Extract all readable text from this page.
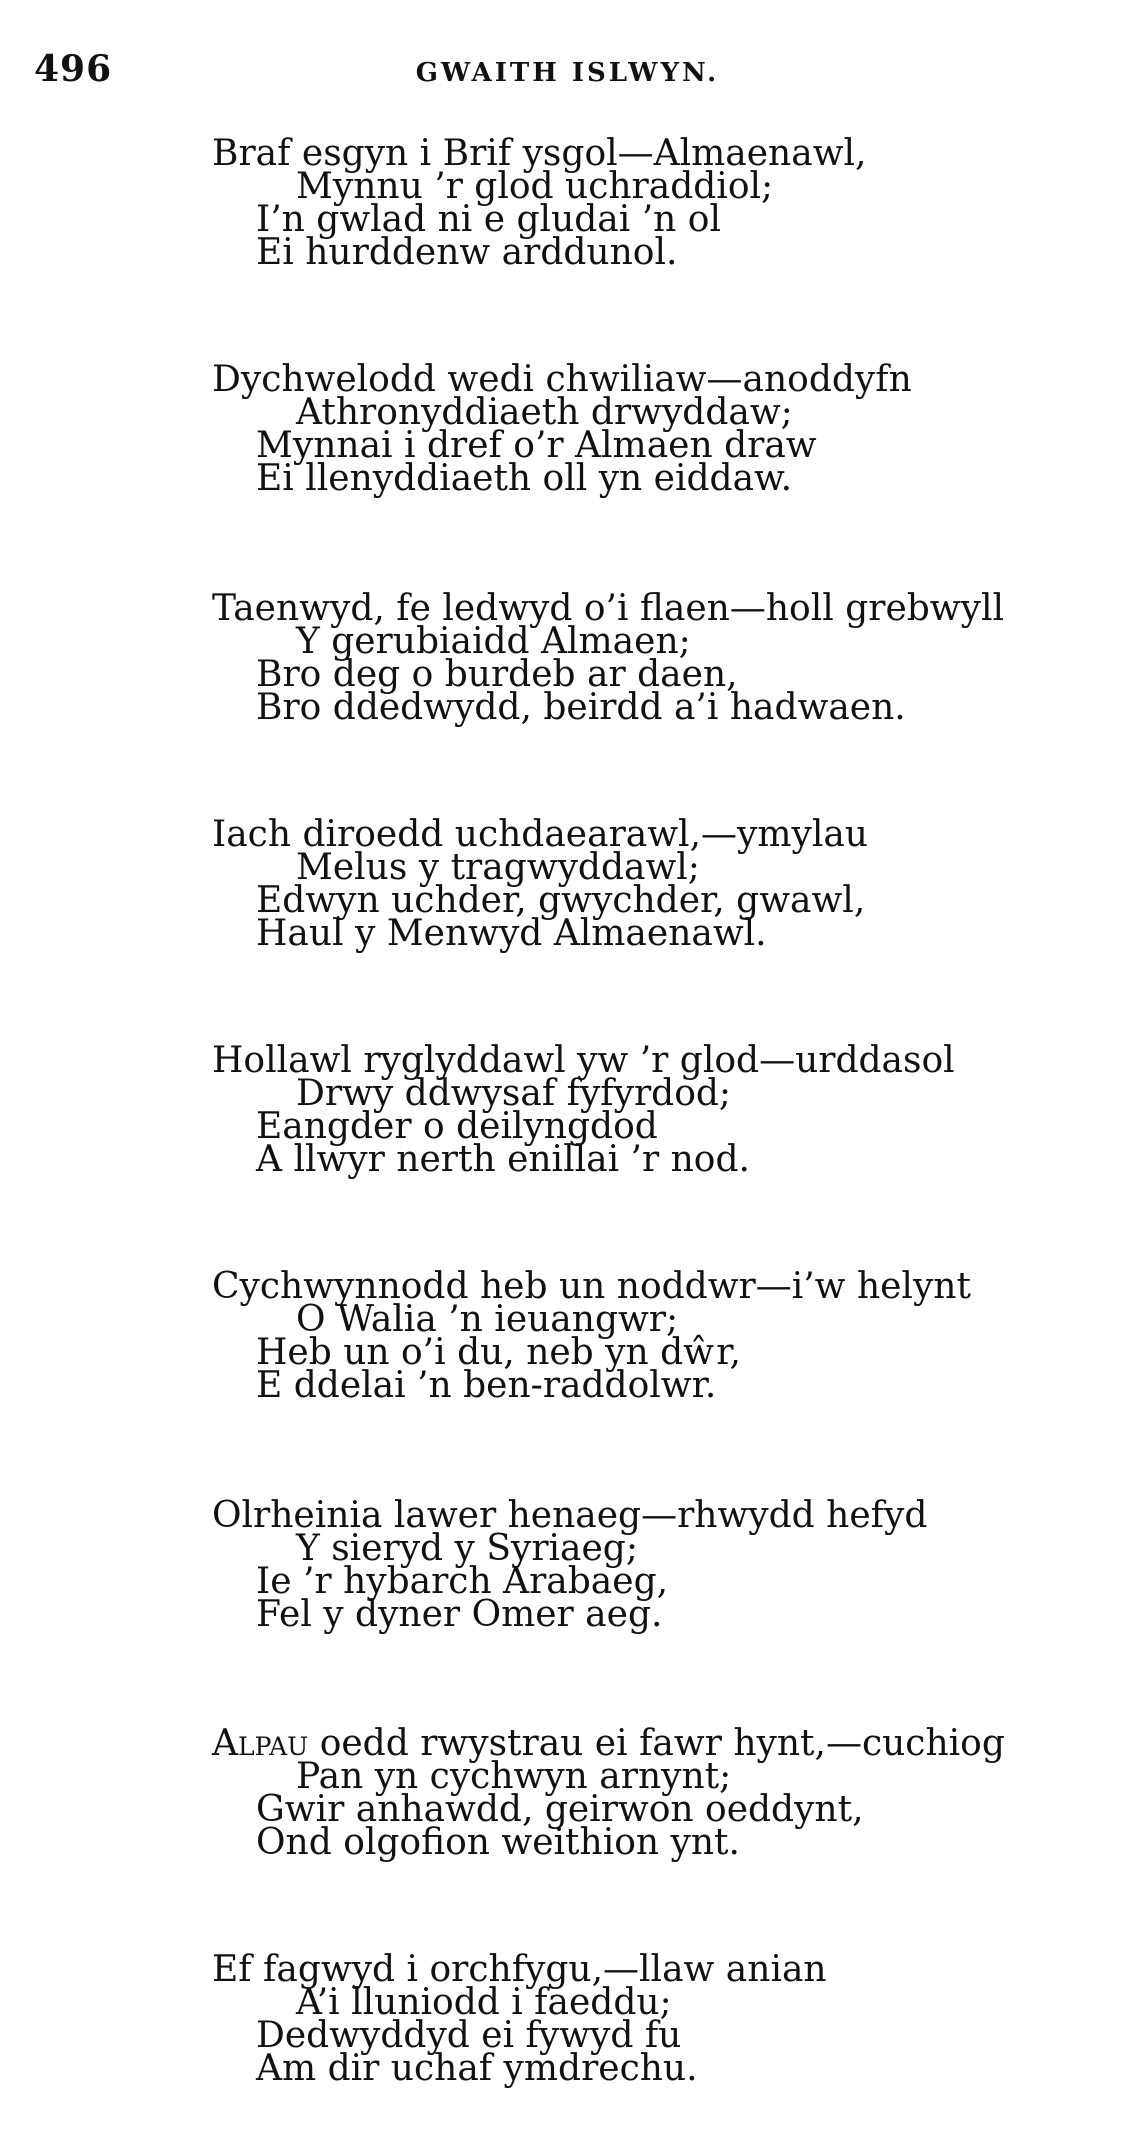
496	GWAITH ISLWYN.
Braf esgyn i Brif ysgol—Almaenawl,
Mynnu ’r glod uchraddiol;
I’n gwlad ni e gludai ’n ol
Ei hurddenw arddunol.
Dychwelodd wedi chwiliaw—anoddyfn
Athronyddiaeth drwyddaw;
Mynnai i dref o’r Almaen draw
Ei llenyddiaeth oll yn eiddaw.
Taenwyd, fe ledwyd o’i flaen—holl grebwyll
Y gerubiaidd Almaen;
Bro deg o burdeb ar daen,
Bro ddedwydd, beirdd a’i hadwaen.
Iach diroedd uchdaearawl,—ymylau
Melus y tragwyddawl;
Edwyn uchder, gwychder, gwawl,
Haul y Menwyd Almaenawl.
Hollawl ryglyddawl yw ’r glod—urddasol
Drwy ddwysaf fyfyrdod;
Eangder o deilyngdod
A llwyr nerth enillai ’r nod.
Cychwynnodd heb un noddwr—i’w helynt
O Walia ’n ieuangwr;
Heb un o’i du, neb yn dŵr,
E ddelai ’n ben-raddolwr.
Olrheinia lawer henaeg—rhwydd hefyd
Y sieryd y Syriaeg;
Ie ’r hybarch Arabaeg,
Fel y dyner Omer aeg.
Alpau oedd rwystrau ei fawr hynt,—cuchiog
Pan yn cychwyn arnynt;
Gwir anhawdd, geirwon oeddynt,
Ond olgofion weithion ynt.
Ef fagwyd i orchfygu,—llaw anian
A’i lluniodd i faeddu;
Dedwyddyd ei fywyd fu
Am dir uchaf ymdrechu.
